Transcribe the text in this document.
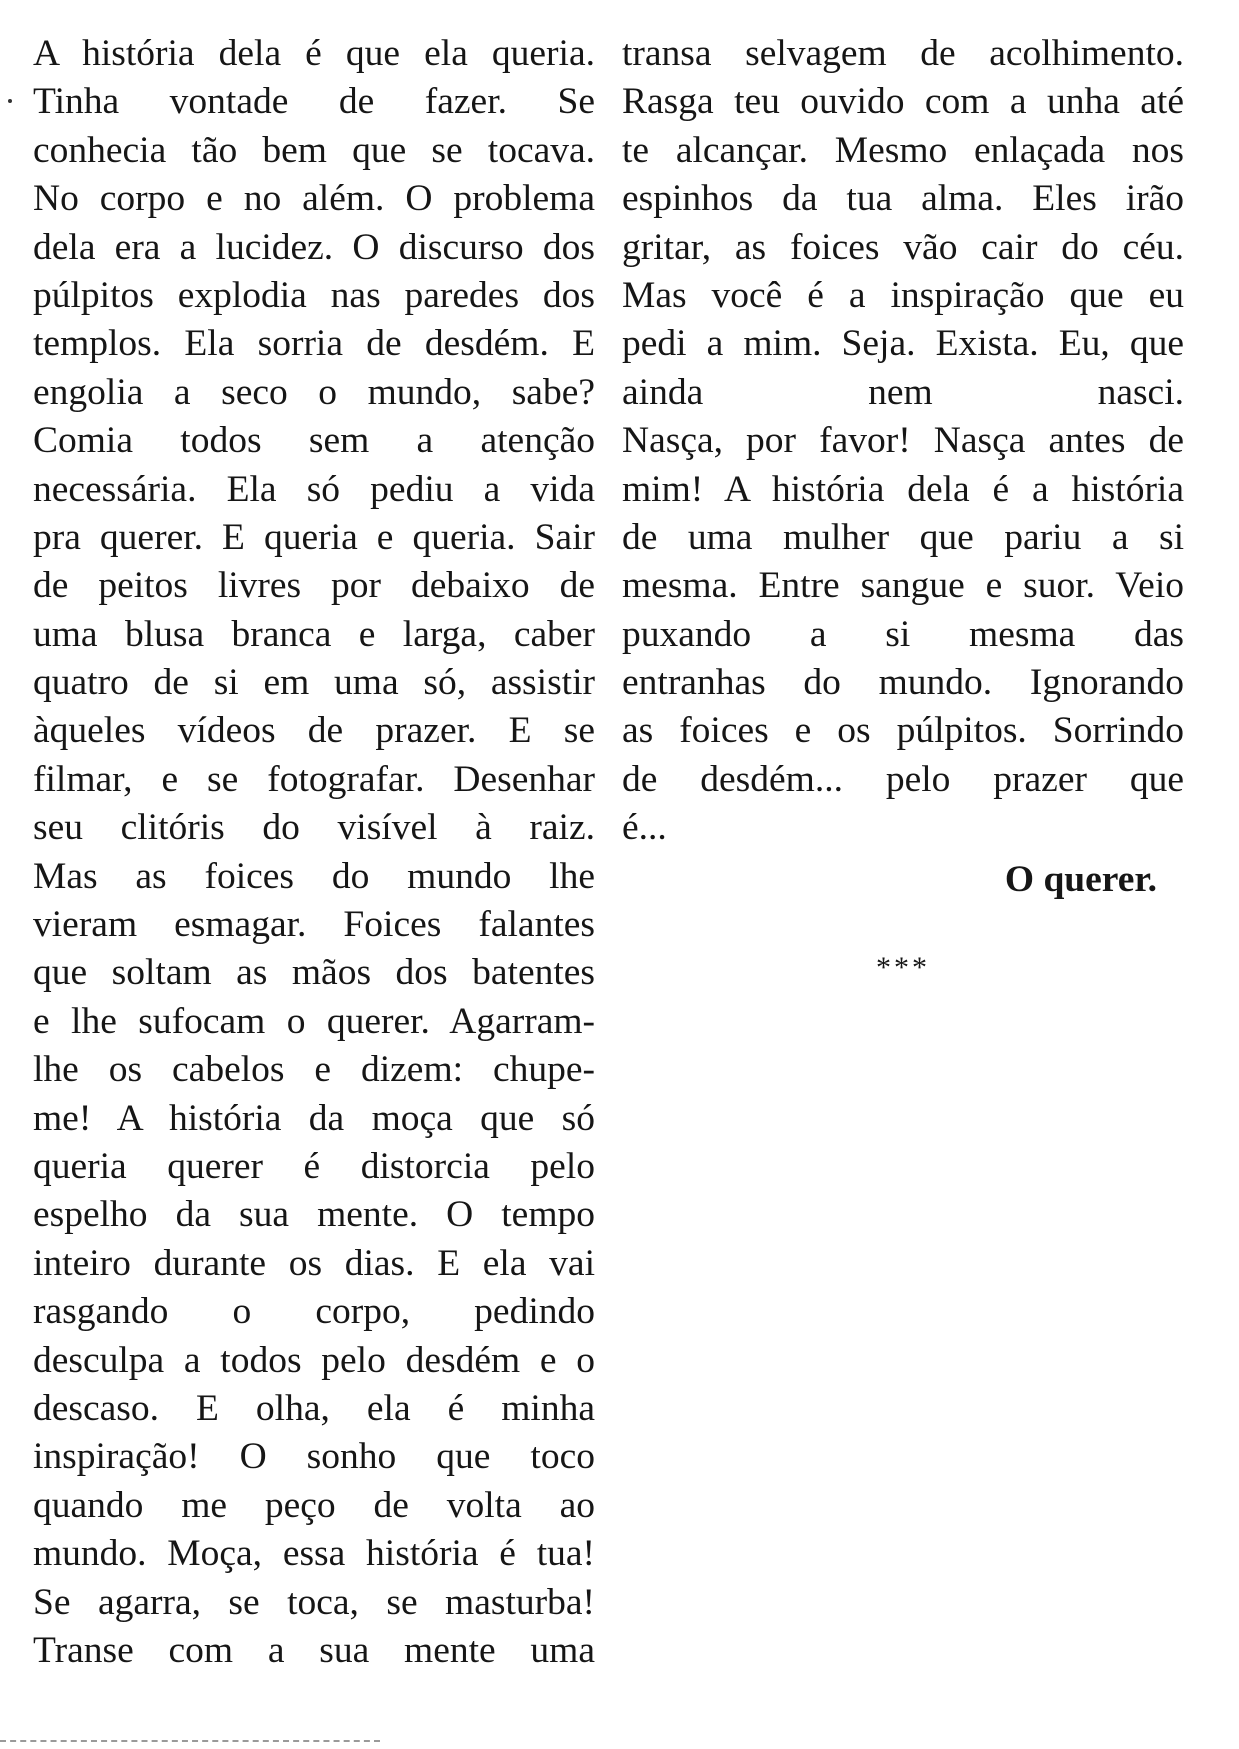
A história dela é que ela queria.
Tinha vontade de fazer. Se
conhecia tão bem que se tocava.
No corpo e no além. O problema
dela era a lucidez. O discurso dos
púlpitos explodia nas paredes dos
templos. Ela sorria de desdém. E
engolia a seco o mundo, sabe?
Comia todos sem a atenção
necessária. Ela só pediu a vida
pra querer. E queria e queria. Sair
de peitos livres por debaixo de
uma blusa branca e larga, caber
quatro de si em uma só, assistir
àqueles vídeos de prazer. E se
filmar, e se fotografar. Desenhar
seu clitóris do visível à raiz.
Mas as foices do mundo lhe
vieram esmagar. Foices falantes
que soltam as mãos dos batentes
e lhe sufocam o querer. Agarram-
lhe os cabelos e dizem: chupe-
me! A história da moça que só
queria querer é distorcia pelo
espelho da sua mente. O tempo
inteiro durante os dias. E ela vai
rasgando o corpo, pedindo
desculpa a todos pelo desdém e o
descaso. E olha, ela é minha
inspiração! O sonho que toco
quando me peço de volta ao
mundo. Moça, essa história é tua!
Se agarra, se toca, se masturba!
Transe com a sua mente uma
transa selvagem de acolhimento.
Rasga teu ouvido com a unha até
te alcançar. Mesmo enlaçada nos
espinhos da tua alma. Eles irão
gritar, as foices vão cair do céu.
Mas você é a inspiração que eu
pedi a mim. Seja. Exista. Eu, que
ainda nem nasci.
Nasça, por favor! Nasça antes de
mim! A história dela é a história
de uma mulher que pariu a si
mesma. Entre sangue e suor. Veio
puxando a si mesma das
entranhas do mundo. Ignorando
as foices e os púlpitos. Sorrindo
de desdém... pelo prazer que
é...
O querer.
***
